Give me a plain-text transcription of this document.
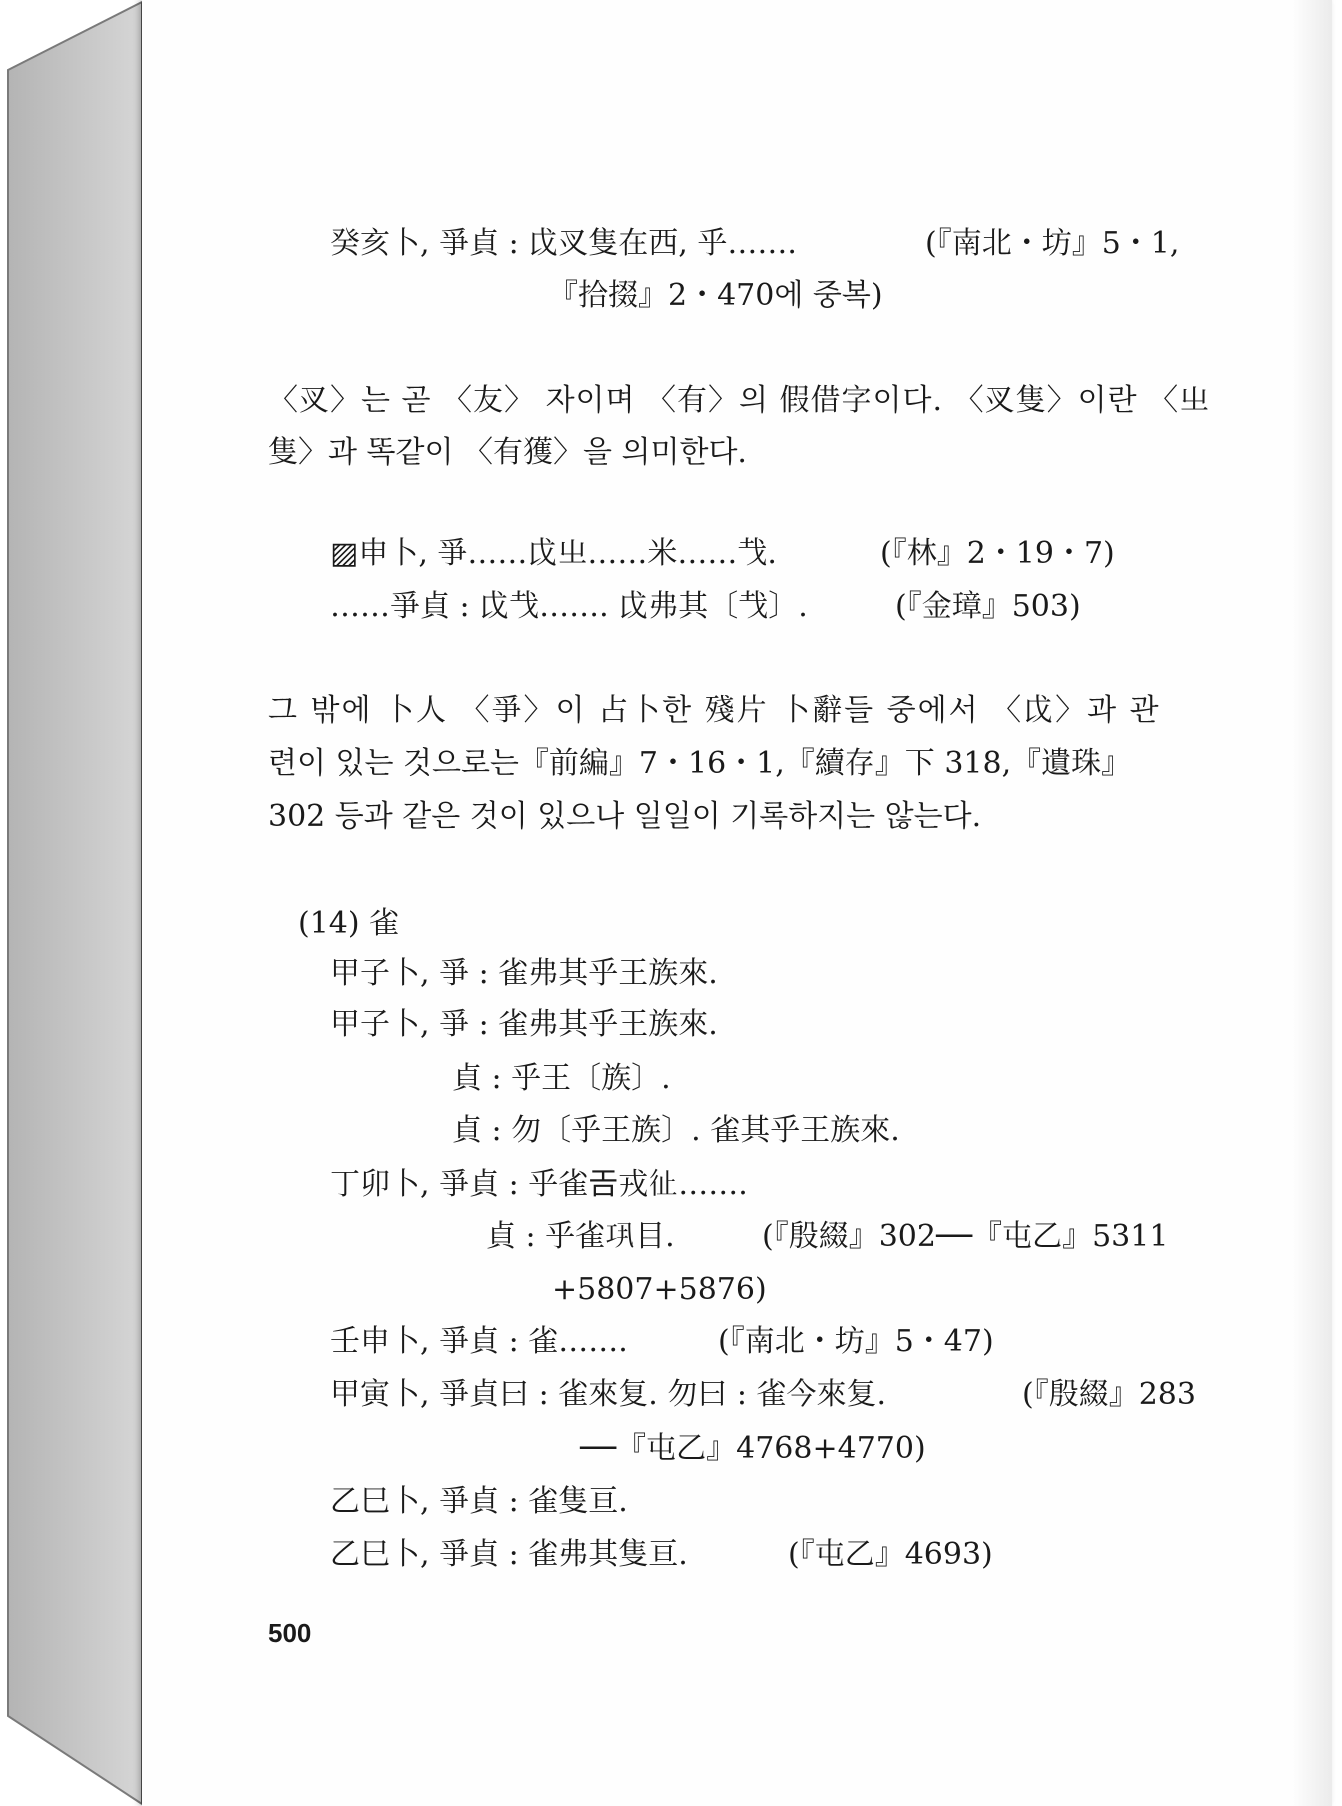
癸亥卜, 爭貞 : 戉㕚隻在西, 乎…….	(『南北・坊』5・1,
『拾掇』2・470에 중복)
〈㕚〉는 곧 〈友〉 자이며 〈有〉의 假借字이다. 〈㕚隻〉이란 〈㞢
隻〉과 똑같이 〈有獲〉을 의미한다.
▨申卜, 爭……戉㞢……⽶……𢦏.	(『林』2・19・7)
……爭貞 : 戉𢦏……. 戉弗其〔𢦏〕.	(『金璋』503)
그 밖에 卜人 〈爭〉이 占卜한 殘片 卜辭들 중에서 〈戉〉과 관
련이 있는 것으로는『前編』7・16・1,『續存』下 318,『遺珠』
302 등과 같은 것이 있으나 일일이 기록하지는 않는다.
(14) 雀
甲子卜, 爭 : 雀弗其乎王族來.
甲子卜, 爭 : 雀弗其乎王族來.
貞 : 乎王〔族〕.
貞 : 勿〔乎王族〕. 雀其乎王族來.
丁卯卜, 爭貞 : 乎雀𢀛戎𢓊…….
貞 : 乎雀𢀜目.	(『殷綴』302──『屯乙』5311
+5807+5876)
壬申卜, 爭貞 : 雀…….	(『南北・坊』5・47)
甲寅卜, 爭貞曰 : 雀來复. 勿曰 : 雀今來复.	(『殷綴』283
──『屯乙』4768+4770)
乙巳卜, 爭貞 : 雀隻亘.
乙巳卜, 爭貞 : 雀弗其隻亘.	(『屯乙』4693)
500
